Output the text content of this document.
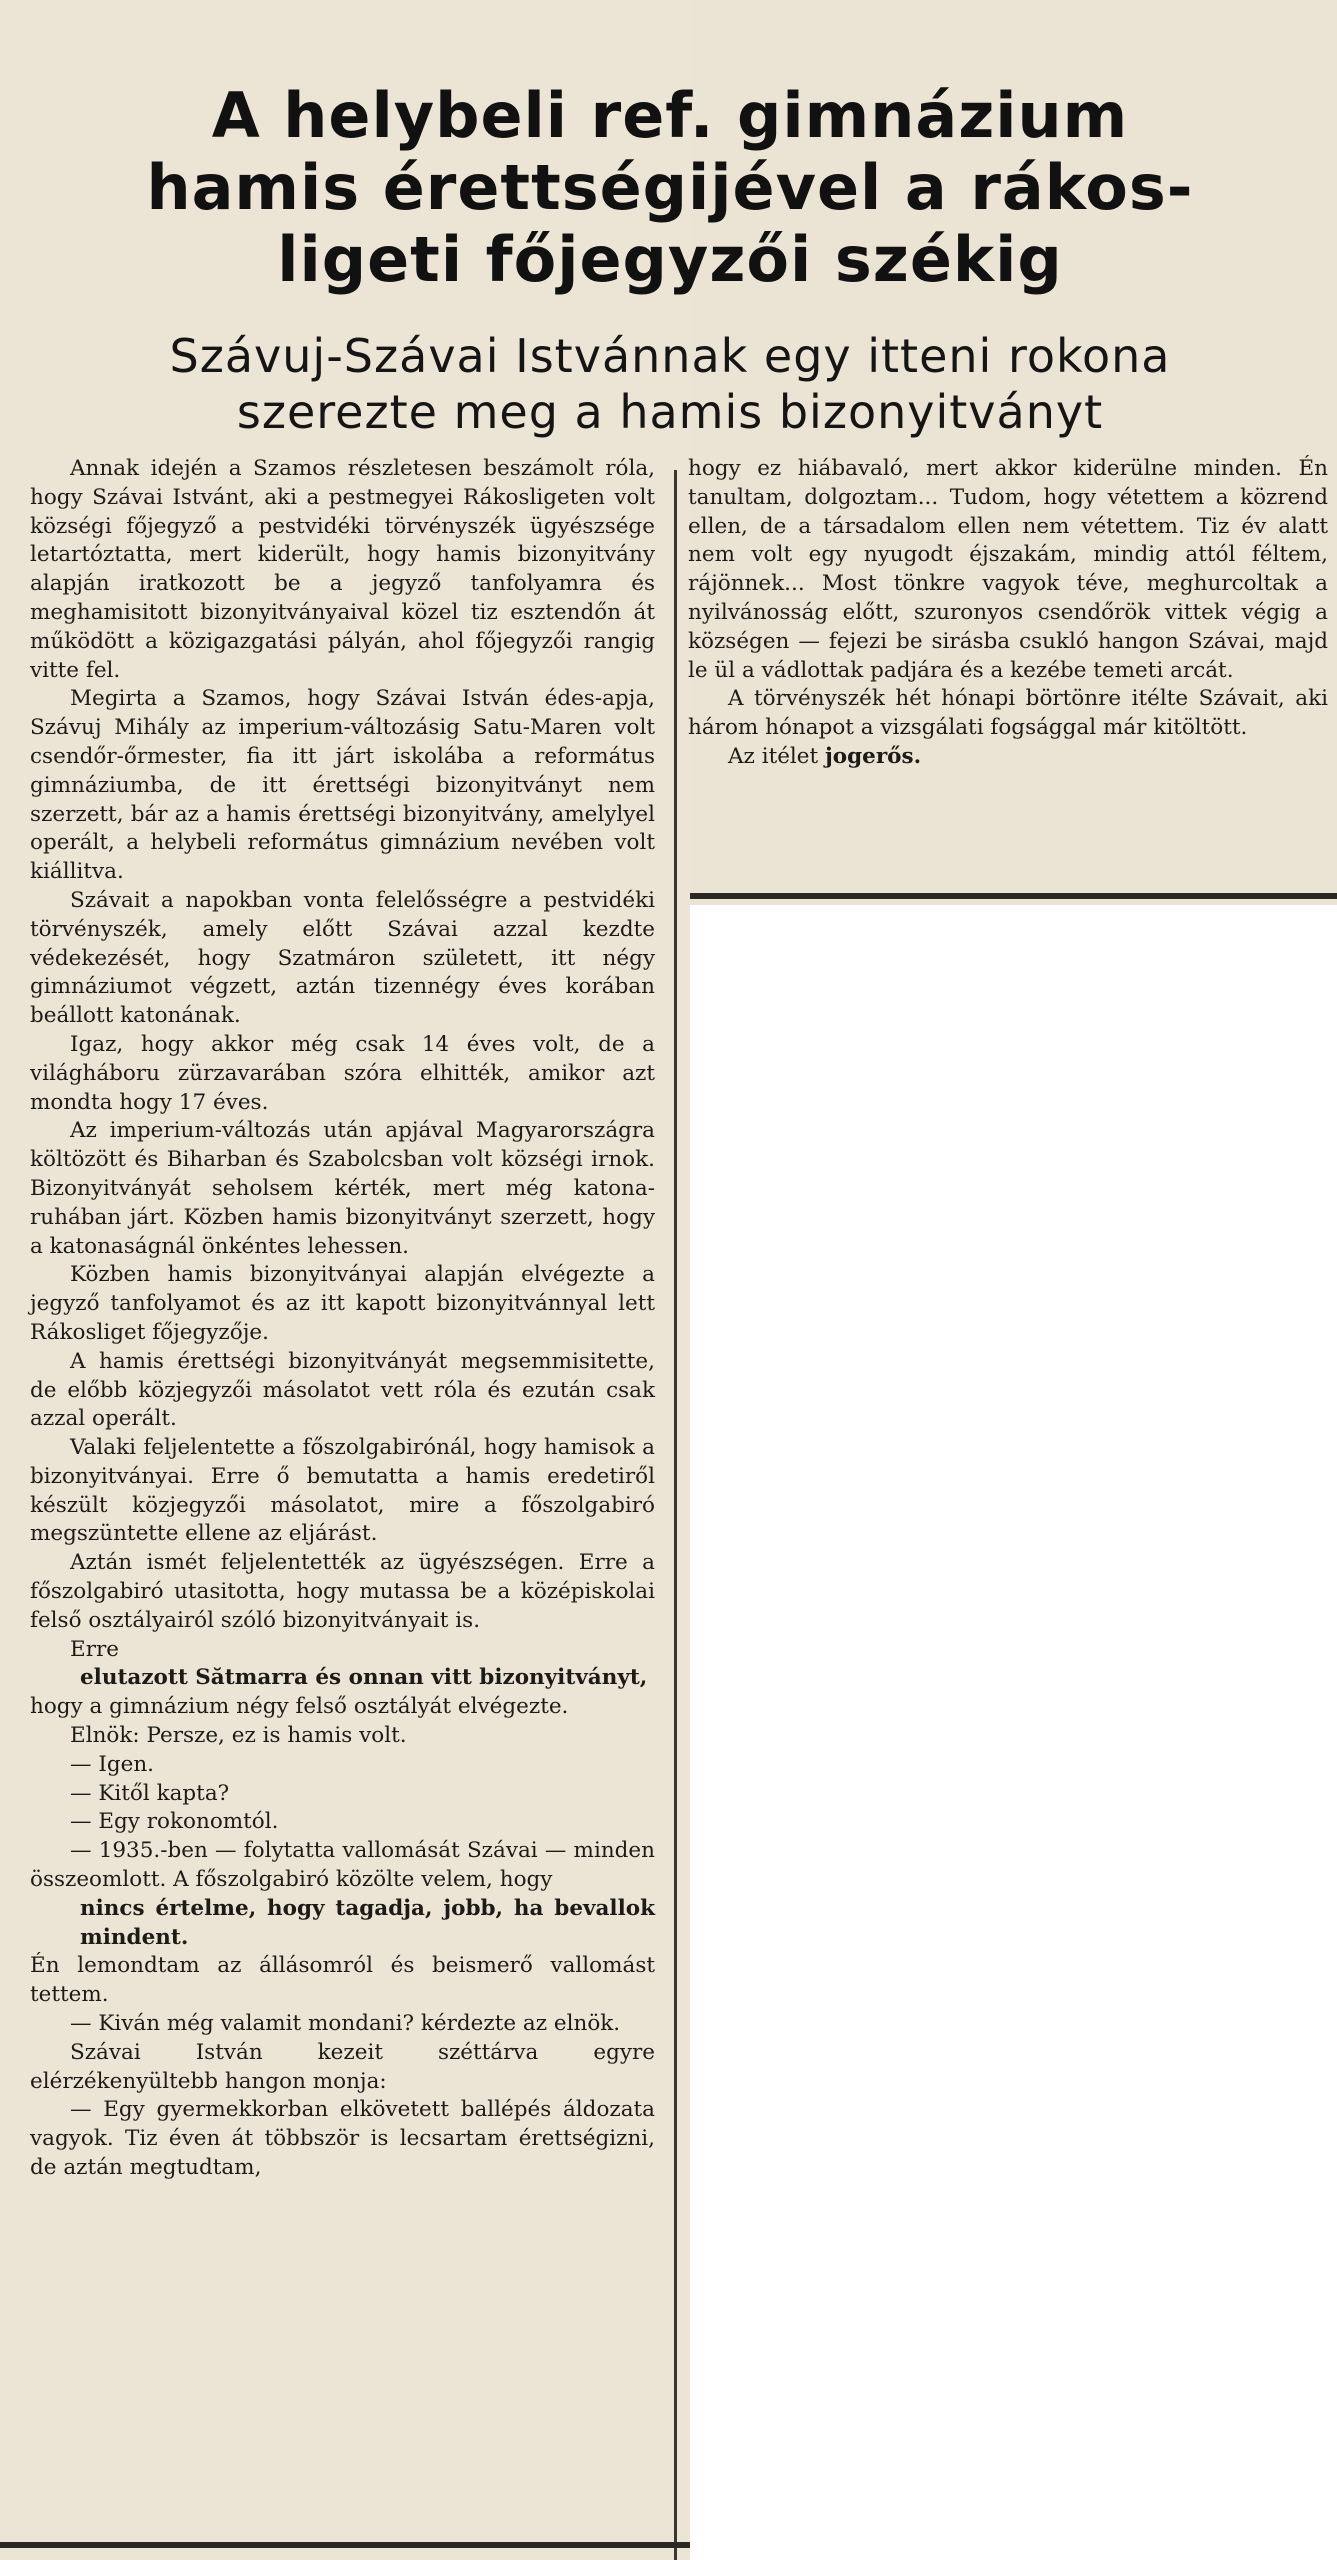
A helybeli ref. gimnázium
hamis érettségijével a rákos-
ligeti főjegyzői székig
Szávuj-Szávai Istvánnak egy itteni rokona
szerezte meg a hamis bizonyitványt

Annak idején a Szamos részletesen beszámolt róla, hogy Szávai Istvánt, aki a pestmegyei Rákosligeten volt községi főjegyző a pestvidéki törvényszék ügyészsége letartóztatta, mert kiderült, hogy hamis bizonyitvány alapján iratkozott be a jegyző tanfolyamra és meghamisitott bizonyitványaival közel tiz esztendőn át működött a közigazgatási pályán, ahol főjegyzői rangig vitte fel.

Megirta a Szamos, hogy Szávai István édes-apja, Szávuj Mihály az imperium-változásig Satu-Maren volt csendőr-őrmester, fia itt járt iskolába a református gimnáziumba, de itt érettségi bizonyitványt nem szerzett, bár az a hamis érettségi bizonyitvány, amelylyel operált, a helybeli református gimnázium nevében volt kiállitva.

Szávait a napokban vonta felelősségre a pestvidéki törvényszék, amely előtt Szávai azzal kezdte védekezését, hogy Szatmáron született, itt négy gimnáziumot végzett, aztán tizennégy éves korában beállott katonának.

Igaz, hogy akkor még csak 14 éves volt, de a világháboru zürzavarában szóra elhitték, amikor azt mondta hogy 17 éves.

Az imperium-változás után apjával Magyarországra költözött és Biharban és Szabolcsban volt községi irnok. Bizonyitványát seholsem kérték, mert még katona-ruhában járt. Közben hamis bizonyitványt szerzett, hogy a katonaságnál önkéntes lehessen.

Közben hamis bizonyitványai alapján elvégezte a jegyző tanfolyamot és az itt kapott bizonyitvánnyal lett Rákosliget főjegyzője.

A hamis érettségi bizonyitványát megsemmisitette, de előbb közjegyzői másolatot vett róla és ezután csak azzal operált.

Valaki feljelentette a főszolgabirónál, hogy hamisok a bizonyitványai. Erre ő bemutatta a hamis eredetiről készült közjegyzői másolatot, mire a főszolgabiró megszüntette ellene az eljárást.

Aztán ismét feljelentették az ügyészségen. Erre a főszolgabiró utasitotta, hogy mutassa be a középiskolai felső osztályairól szóló bizonyitványait is.

Erre
elutazott Sătmarra és onnan vitt bizonyitványt,

hogy a gimnázium négy felső osztályát elvégezte.

Elnök: Persze, ez is hamis volt.

— Igen.

— Kitől kapta?

— Egy rokonomtól.

— 1935.-ben — folytatta vallomását Szávai — minden összeomlott. A főszolgabiró közölte velem, hogy
nincs értelme, hogy tagadja, jobb, ha bevallok mindent.

Én lemondtam az állásomról és beismerő vallomást tettem.

— Kiván még valamit mondani? kérdezte az elnök.

Szávai István kezeit széttárva egyre elérzékenyültebb hangon monja:

— Egy gyermekkorban elkövetett ballépés áldozata vagyok. Tiz éven át többször is lecsartam érettségizni, de aztán megtudtam,

hogy ez hiábavaló, mert akkor kiderülne minden. Én tanultam, dolgoztam... Tudom, hogy vétettem a közrend ellen, de a társadalom ellen nem vétettem. Tiz év alatt nem volt egy nyugodt éjszakám, mindig attól féltem, rájönnek... Most tönkre vagyok téve, meghurcoltak a nyilvánosság előtt, szuronyos csendőrök vittek végig a községen — fejezi be sirásba csukló hangon Szávai, majd le ül a vádlottak padjára és a kezébe temeti arcát.

A törvényszék hét hónapi börtönre itélte Szávait, aki három hónapot a vizsgálati fogsággal már kitöltött.

Az itélet jogerős.
